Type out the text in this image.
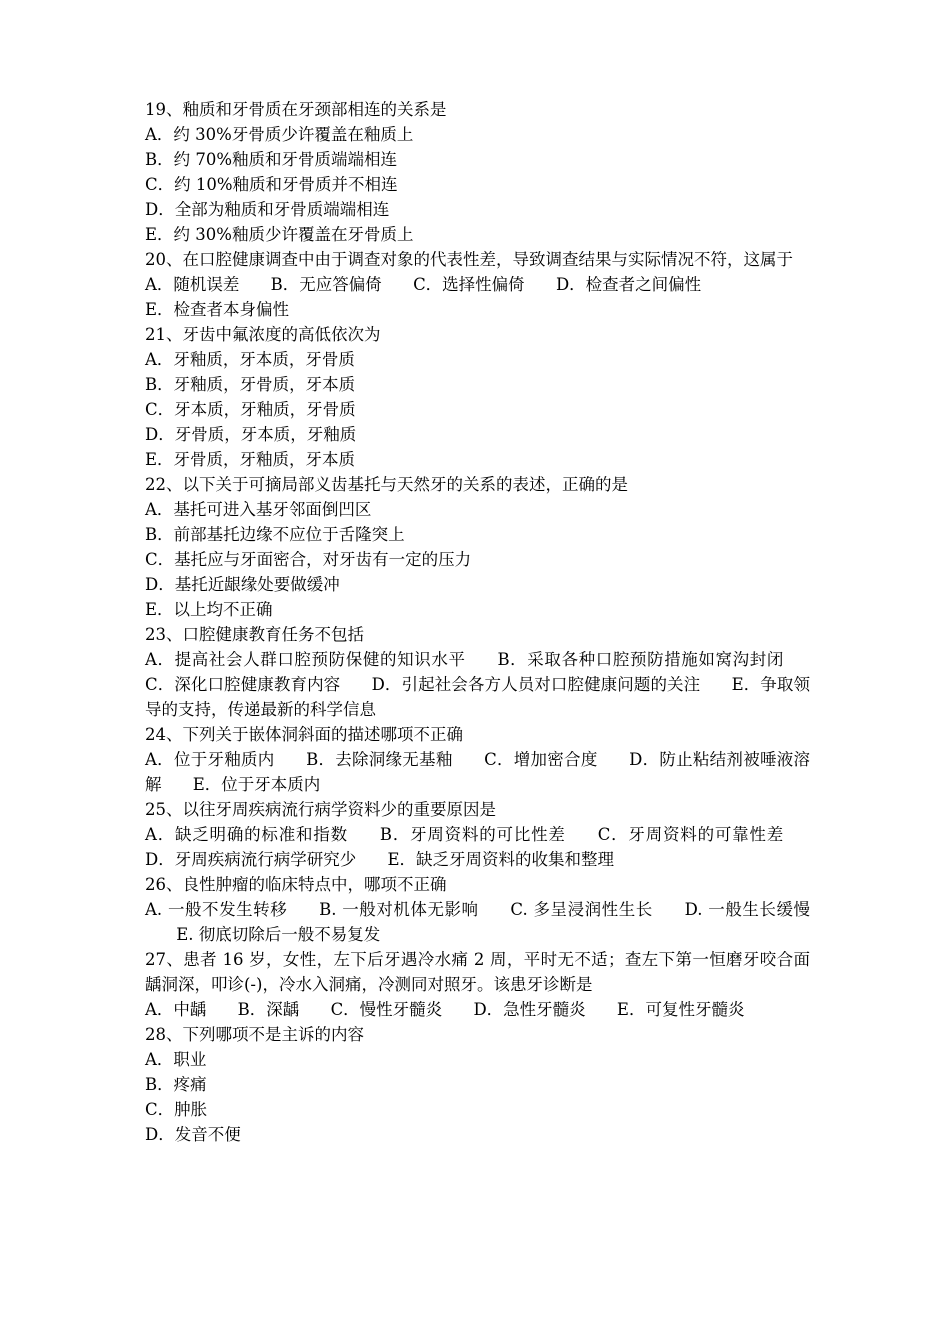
19、釉质和牙骨质在牙颈部相连的关系是
A．约 30%牙骨质少许覆盖在釉质上
B．约 70%釉质和牙骨质端端相连
C．约 10%釉质和牙骨质并不相连
D．全部为釉质和牙骨质端端相连
E．约 30%釉质少许覆盖在牙骨质上
20、在口腔健康调查中由于调查对象的代表性差，导致调查结果与实际情况不符，这属于
A．随机误差 B．无应答偏倚 C．选择性偏倚 D．检查者之间偏性
E．检查者本身偏性
21、牙齿中氟浓度的高低依次为
A．牙釉质，牙本质，牙骨质
B．牙釉质，牙骨质，牙本质
C．牙本质，牙釉质，牙骨质
D．牙骨质，牙本质，牙釉质
E．牙骨质，牙釉质，牙本质
22、以下关于可摘局部义齿基托与天然牙的关系的表述，正确的是
A．基托可进入基牙邻面倒凹区
B．前部基托边缘不应位于舌隆突上
C．基托应与牙面密合，对牙齿有一定的压力
D．基托近龈缘处要做缓冲
E．以上均不正确
23、口腔健康教育任务不包括
A．提高社会人群口腔预防保健的知识水平 B．采取各种口腔预防措施如窝沟封闭 C．深化口腔健康教育内容 D．引起社会各方人员对口腔健康问题的关注 E．争取领导的支持，传递最新的科学信息
24、下列关于嵌体洞斜面的描述哪项不正确
A．位于牙釉质内 B．去除洞缘无基釉 C．增加密合度 D．防止粘结剂被唾液溶解 E．位于牙本质内
25、以往牙周疾病流行病学资料少的重要原因是
A．缺乏明确的标准和指数 B．牙周资料的可比性差 C．牙周资料的可靠性差 D．牙周疾病流行病学研究少 E．缺乏牙周资料的收集和整理
26、良性肿瘤的临床特点中，哪项不正确
A. 一般不发生转移 B. 一般对机体无影响 C. 多呈浸润性生长 D. 一般生长缓慢 E. 彻底切除后一般不易复发
27、患者 16 岁，女性，左下后牙遇冷水痛 2 周，平时无不适；查左下第一恒磨牙咬合面龋洞深，叩诊(-)，冷水入洞痛，冷测同对照牙。该患牙诊断是
A．中龋 B．深龋 C．慢性牙髓炎 D．急性牙髓炎 E．可复性牙髓炎
28、下列哪项不是主诉的内容
A．职业
B．疼痛
C．肿胀
D．发音不便
